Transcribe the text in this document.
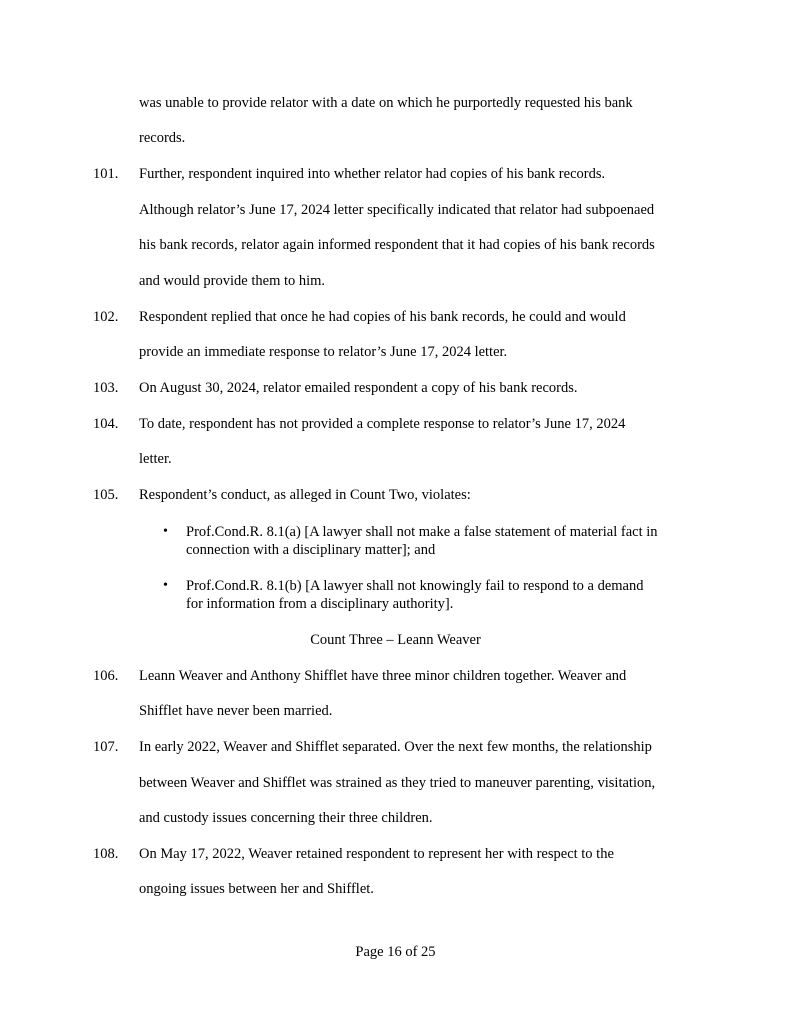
was unable to provide relator with a date on which he purportedly requested his bank
records.
101. Further, respondent inquired into whether relator had copies of his bank records.
Although relator’s June 17, 2024 letter specifically indicated that relator had subpoenaed
his bank records, relator again informed respondent that it had copies of his bank records
and would provide them to him.
102. Respondent replied that once he had copies of his bank records, he could and would
provide an immediate response to relator’s June 17, 2024 letter.
103. On August 30, 2024, relator emailed respondent a copy of his bank records.
104. To date, respondent has not provided a complete response to relator’s June 17, 2024
letter.
105. Respondent’s conduct, as alleged in Count Two, violates:
• Prof.Cond.R. 8.1(a) [A lawyer shall not make a false statement of material fact in
connection with a disciplinary matter]; and
• Prof.Cond.R. 8.1(b) [A lawyer shall not knowingly fail to respond to a demand
for information from a disciplinary authority].
Count Three – Leann Weaver
106. Leann Weaver and Anthony Shifflet have three minor children together. Weaver and
Shifflet have never been married.
107. In early 2022, Weaver and Shifflet separated. Over the next few months, the relationship
between Weaver and Shifflet was strained as they tried to maneuver parenting, visitation,
and custody issues concerning their three children.
108. On May 17, 2022, Weaver retained respondent to represent her with respect to the
ongoing issues between her and Shifflet.
Page 16 of 25
